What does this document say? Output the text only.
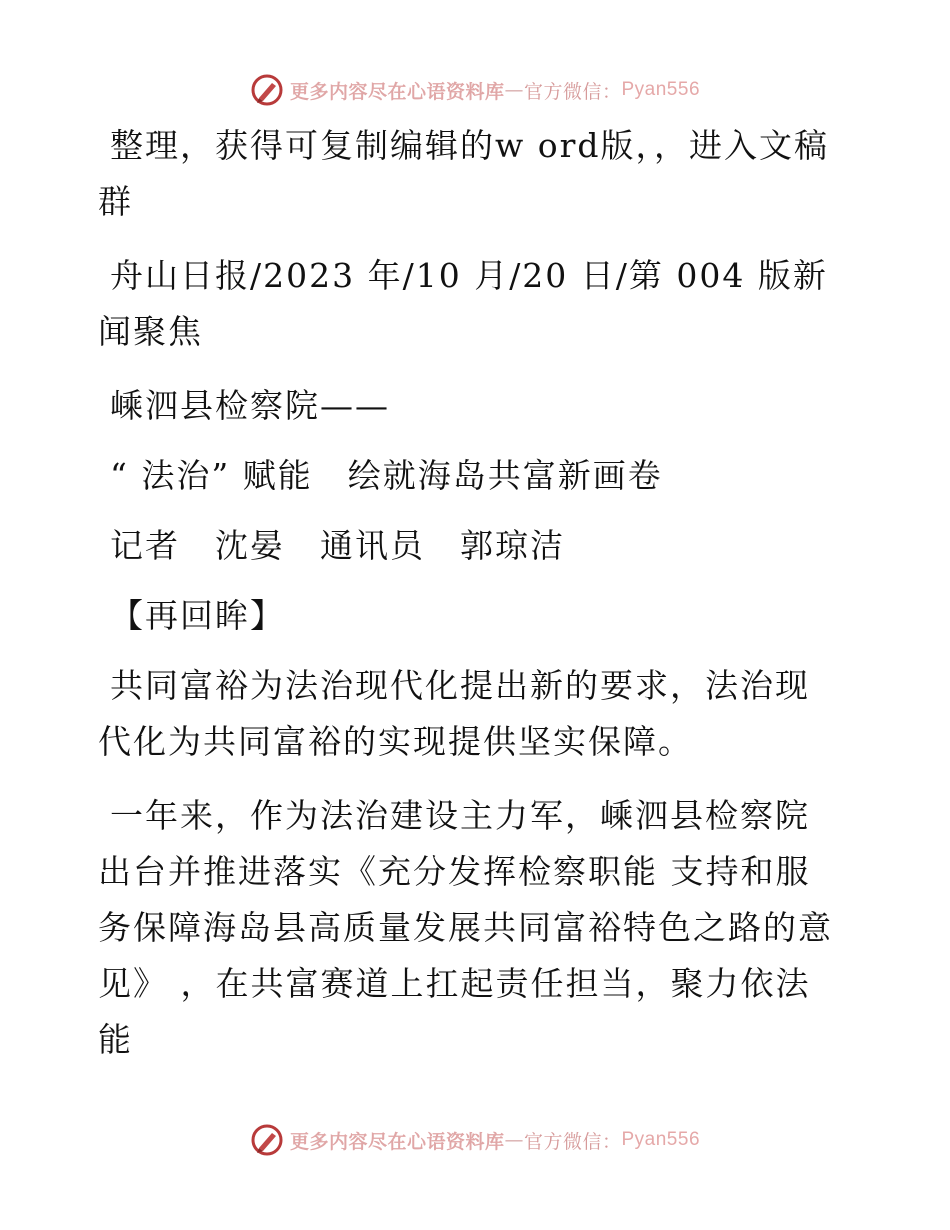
更多内容尽在心语资料库 — 官方微信： Pyan556

整理，获得可复制编辑的w ord版，，进入文稿群

舟山日报/2023 年/10 月/20 日/第 004 版新闻聚焦

嵊泗县检察院——

“ 法治” 赋能　绘就海岛共富新画卷

记者　沈晏　通讯员　郭琼洁

【再回眸】

共同富裕为法治现代化提出新的要求，法治现代化为共同富裕的实现提供坚实保障。

一年来，作为法治建设主力军，嵊泗县检察院出台并推进落实《充分发挥检察职能 支持和服务保障海岛县高质量发展共同富裕特色之路的意见》 ，在共富赛道上扛起责任担当，聚力依法能

更多内容尽在心语资料库 — 官方微信： Pyan556
